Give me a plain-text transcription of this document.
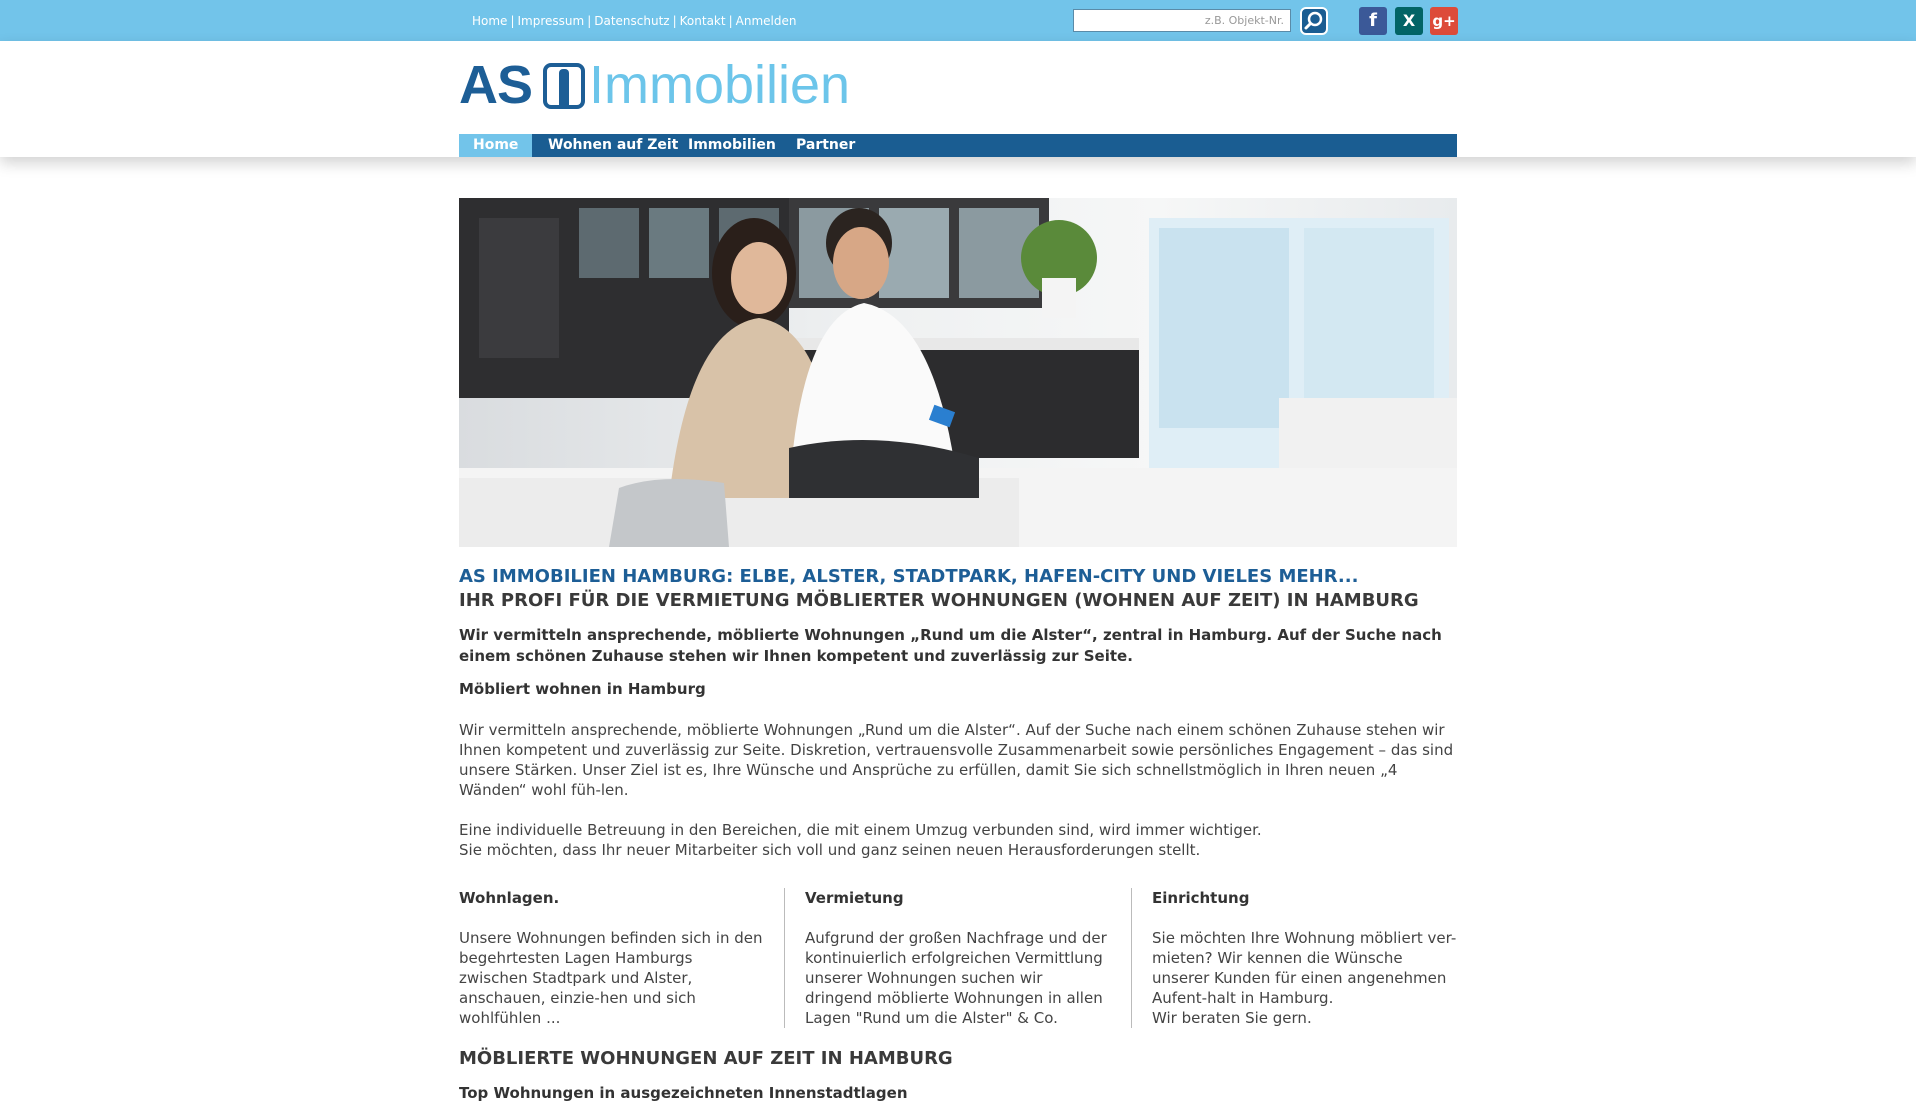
Home | Impressum | Datenschutz | Kontakt | Anmelden
z.B. Objekt-Nr.	f	X	g+
AS Immobilien
Home	Wohnen auf Zeit Immobilien	Partner
AS IMMOBILIEN HAMBURG: ELBE, ALSTER, STADTPARK, HAFEN-CITY UND VIELES MEHR...
IHR PROFI FÜR DIE VERMIETUNG MÖBLIERTER WOHNUNGEN (WOHNEN AUF ZEIT) IN HAMBURG

Wir vermitteln ansprechende, möblierte Wohnungen „Rund um die Alster“, zentral in Hamburg. Auf der Suche nach einem schönen Zuhause stehen wir Ihnen kompetent und zuverlässig zur Seite.

Möbliert wohnen in Hamburg

Wir vermitteln ansprechende, möblierte Wohnungen „Rund um die Alster“. Auf der Suche nach einem schönen Zuhause stehen wir Ihnen kompetent und zuverlässig zur Seite. Diskretion, vertrauensvolle Zusammenarbeit sowie persönliches Engagement – das sind unsere Stärken. Unser Ziel ist es, Ihre Wünsche und Ansprüche zu erfüllen, damit Sie sich schnellstmöglich in Ihren neuen „4 Wänden“ wohl füh-len.

Eine individuelle Betreuung in den Bereichen, die mit einem Umzug verbunden sind, wird immer wichtiger.
Sie möchten, dass Ihr neuer Mitarbeiter sich voll und ganz seinen neuen Herausforderungen stellt.

Wohnlagen.
Unsere Wohnungen befinden sich in den begehrtesten Lagen Hamburgs zwischen Stadtpark und Alster, anschauen, einzie-hen und sich wohlfühlen ...
Vermietung
Aufgrund der großen Nachfrage und der kontinuierlich erfolgreichen Vermittlung unserer Wohnungen suchen wir dringend möblierte Wohnungen in allen Lagen "Rund um die Alster" & Co.
Einrichtung
Sie möchten Ihre Wohnung möbliert ver-mieten? Wir kennen die Wünsche unserer Kunden für einen angenehmen Aufent-halt in Hamburg.
Wir beraten Sie gern.
MÖBLIERTE WOHNUNGEN AUF ZEIT IN HAMBURG

Top Wohnungen in ausgezeichneten Innenstadtlagen
